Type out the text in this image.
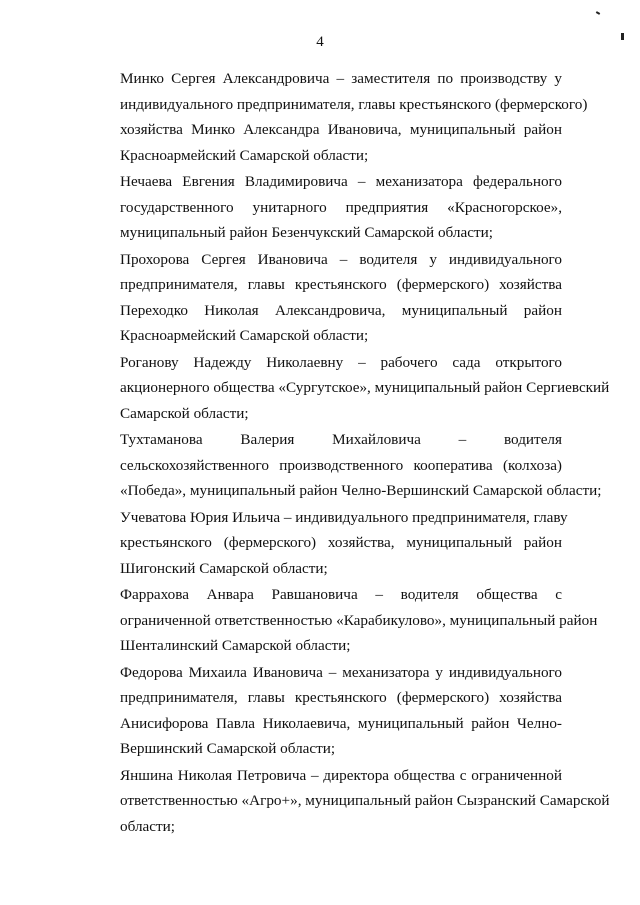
4

Минко Сергея Александровича – заместителя по производству у
индивидуального предпринимателя, главы крестьянского (фермерского)
хозяйства Минко Александра Ивановича, муниципальный район
Красноармейский Самарской области;

Нечаева Евгения Владимировича – механизатора федерального
государственного унитарного предприятия «Красногорское»,
муниципальный район Безенчукский Самарской области;

Прохорова Сергея Ивановича – водителя у индивидуального
предпринимателя, главы крестьянского (фермерского) хозяйства
Переходко Николая Александровича, муниципальный район
Красноармейский Самарской области;

Роганову Надежду Николаевну – рабочего сада открытого
акционерного общества «Сургутское», муниципальный район Сергиевский
Самарской области;

Тухтаманова Валерия Михайловича – водителя
сельскохозяйственного производственного кооператива (колхоза)
«Победа», муниципальный район Челно-Вершинский Самарской области;

Учеватова Юрия Ильича – индивидуального предпринимателя, главу
крестьянского (фермерского) хозяйства, муниципальный район
Шигонский Самарской области;

Фаррахова Анвара Равшановича – водителя общества с
ограниченной ответственностью «Карабикулово», муниципальный район
Шенталинский Самарской области;

Федорова Михаила Ивановича – механизатора у индивидуального
предпринимателя, главы крестьянского (фермерского) хозяйства
Анисифорова Павла Николаевича, муниципальный район Челно-
Вершинский Самарской области;

Яншина Николая Петровича – директора общества с ограниченной
ответственностью «Агро+», муниципальный район Сызранский Самарской
области;
